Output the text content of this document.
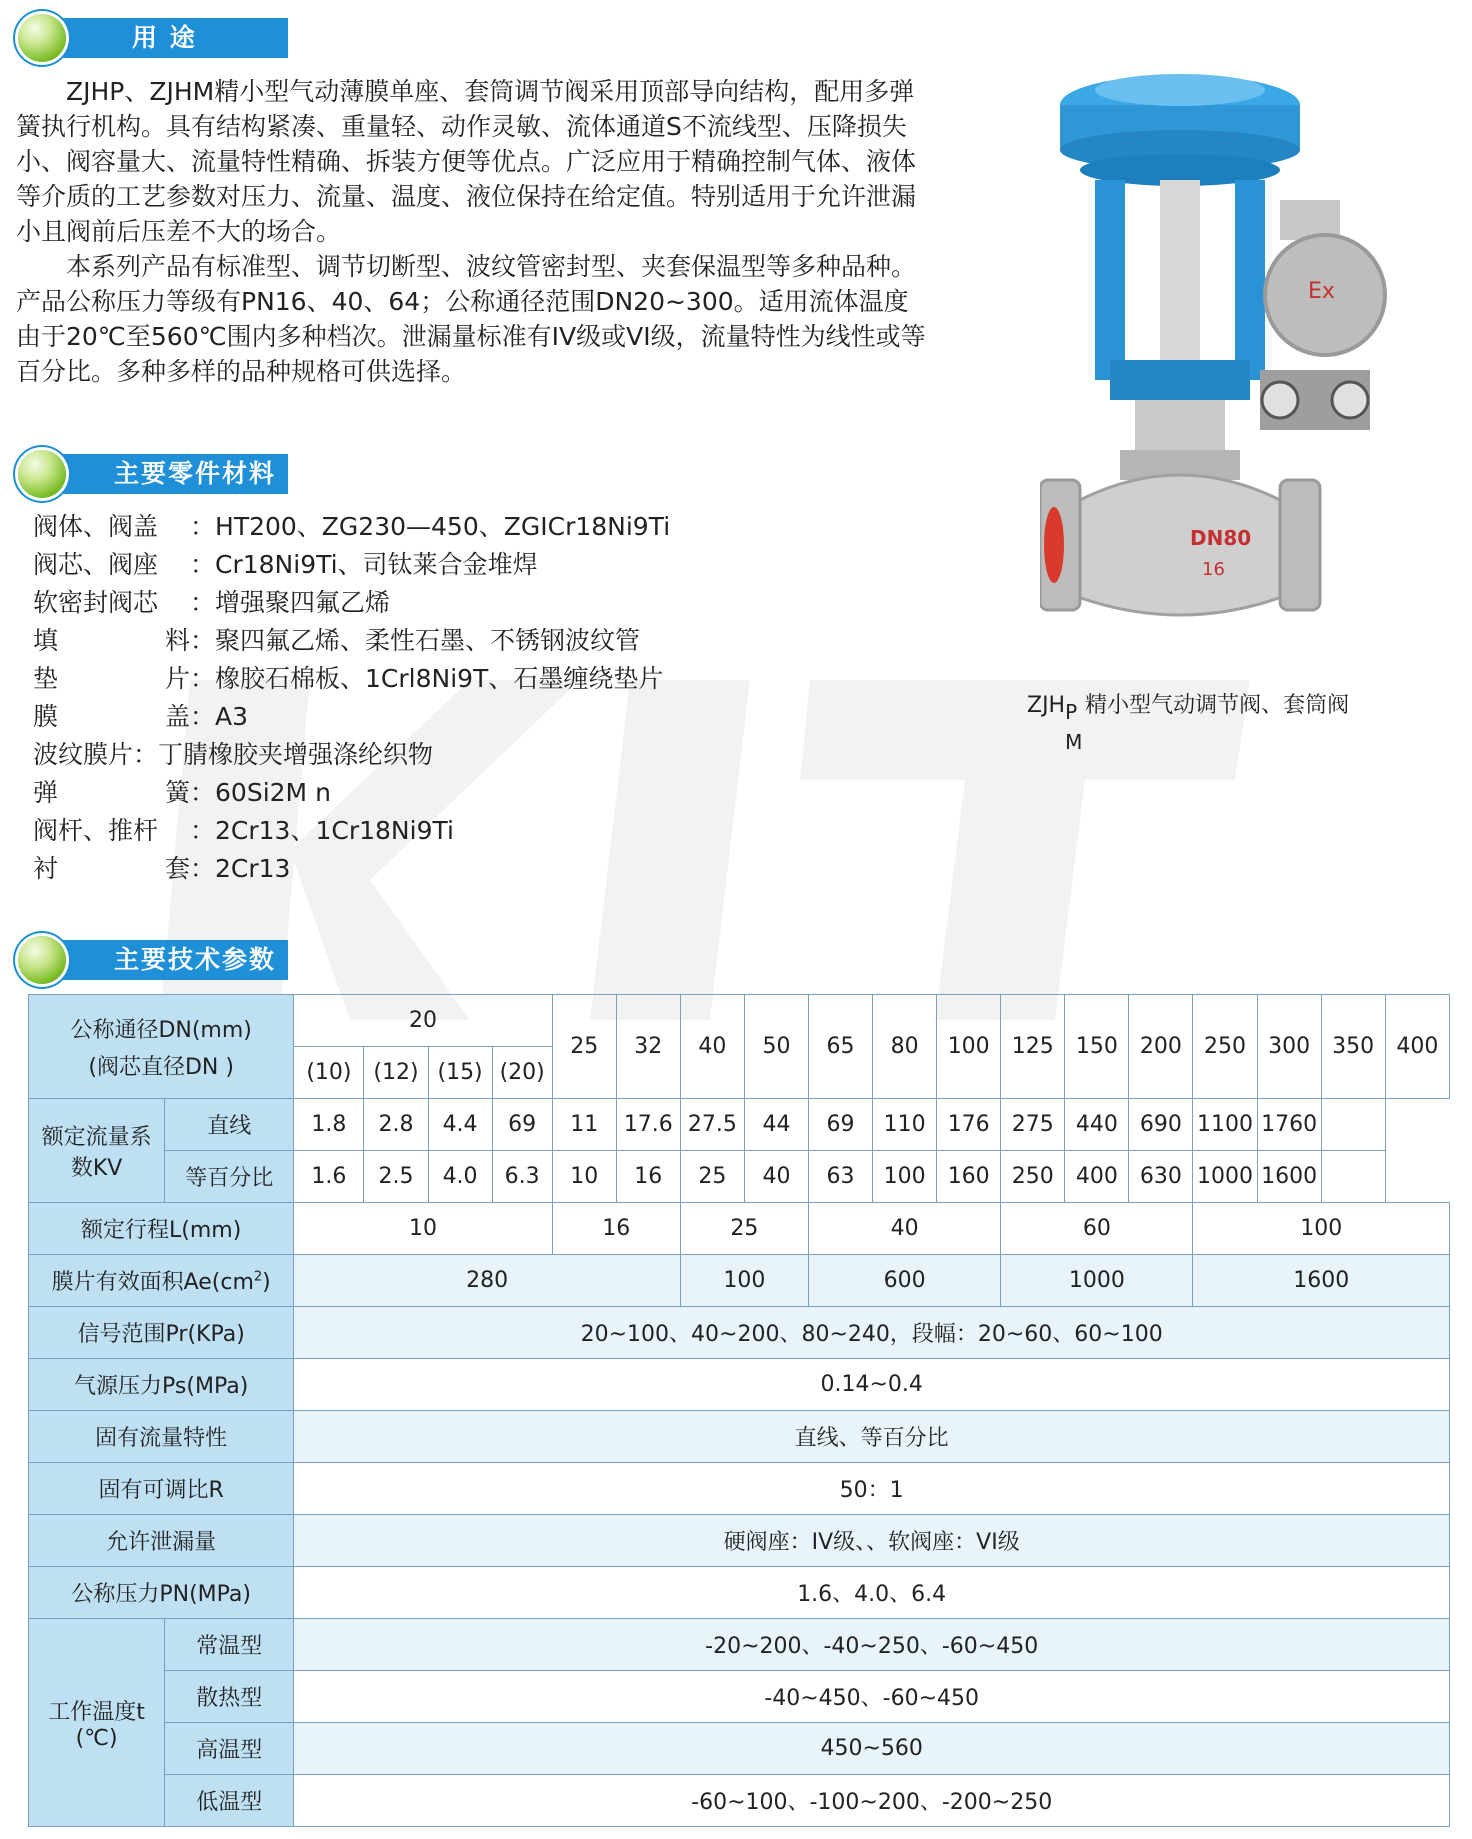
用 途

ZJHP、ZJHM精小型气动薄膜单座、套筒调节阀采用顶部导向结构，配用多弹簧执行机构。具有结构紧凑、重量轻、动作灵敏、流体通道S不流线型、压降损失小、阀容量大、流量特性精确、拆装方便等优点。广泛应用于精确控制气体、液体等介质的工艺参数对压力、流量、温度、液位保持在给定值。特别适用于允许泄漏小且阀前后压差不大的场合。

本系列产品有标准型、调节切断型、波纹管密封型、夹套保温型等多种品种。产品公称压力等级有PN16、40、64；公称通径范围DN20~300。适用流体温度由于20℃至560℃围内多种档次。泄漏量标准有IV级或VI级，流量特性为线性或等百分比。多种多样的品种规格可供选择。

主要零件材料
阀体、阀盖	： HT200、ZG230—450、ZGICr18Ni9Ti
阀芯、阀座	： Cr18Ni9Ti、司钛莱合金堆焊
软密封阀芯	： 增强聚四氟乙烯
填	料 ： 聚四氟乙烯、柔性石墨、不锈钢波纹管
垫	片 ： 橡胶石棉板、1Crl8Ni9T、石墨缠绕垫片
膜	盖 ： A3
波纹膜片 ： 丁腈橡胶夹增强涤纶织物
弹	簧 ： 60Si2M n
阀杆、推杆	： 2Cr13、1Cr18Ni9Ti
衬	套 ： 2Cr13
Ex
DN80
16
ZJH P
M
精小型气动调节阀、套筒阀
主要技术参数
公称通径DN(mm)
(阀芯直径DN )		20				25	32	40	50	65	80	100	125	150	200	250	300	350	400
		(10)	(12)	(15)	(20)														
额定流量系数KV	直线	1.8	2.8	4.4	69	11	17.6	27.5	44	69	110	176	275	440	690	1100	1760		
	等百分比	1.6	2.5	4.0	6.3	10	16	25	40	63	100	160	250	400	630	1000	1600		
额定行程L(mm)		10				16		25		40			60			100			
膜片有效面积$Ae(cm^2)$		280						100		600			1000			1600			
信号范围Pr(KPa)		20~100、40~200、80~240，段幅：20~60、60~100																	
气源压力Ps(MPa)		0.14~0.4																	
固有流量特性		直线、等百分比																	
固有可调比R		50：1																	
允许泄漏量		硬阀座：IV级、、软阀座：VI级																	
公称压力PN(MPa)		1.6、4.0、6.4																	

工作温度t
(℃)	常温型	-20~200、-40~250、-60~450																	
	散热型	-40~450、-60~450																	
	高温型	450~560																	
	低温型	-60~100、-100~200、-200~250																	
